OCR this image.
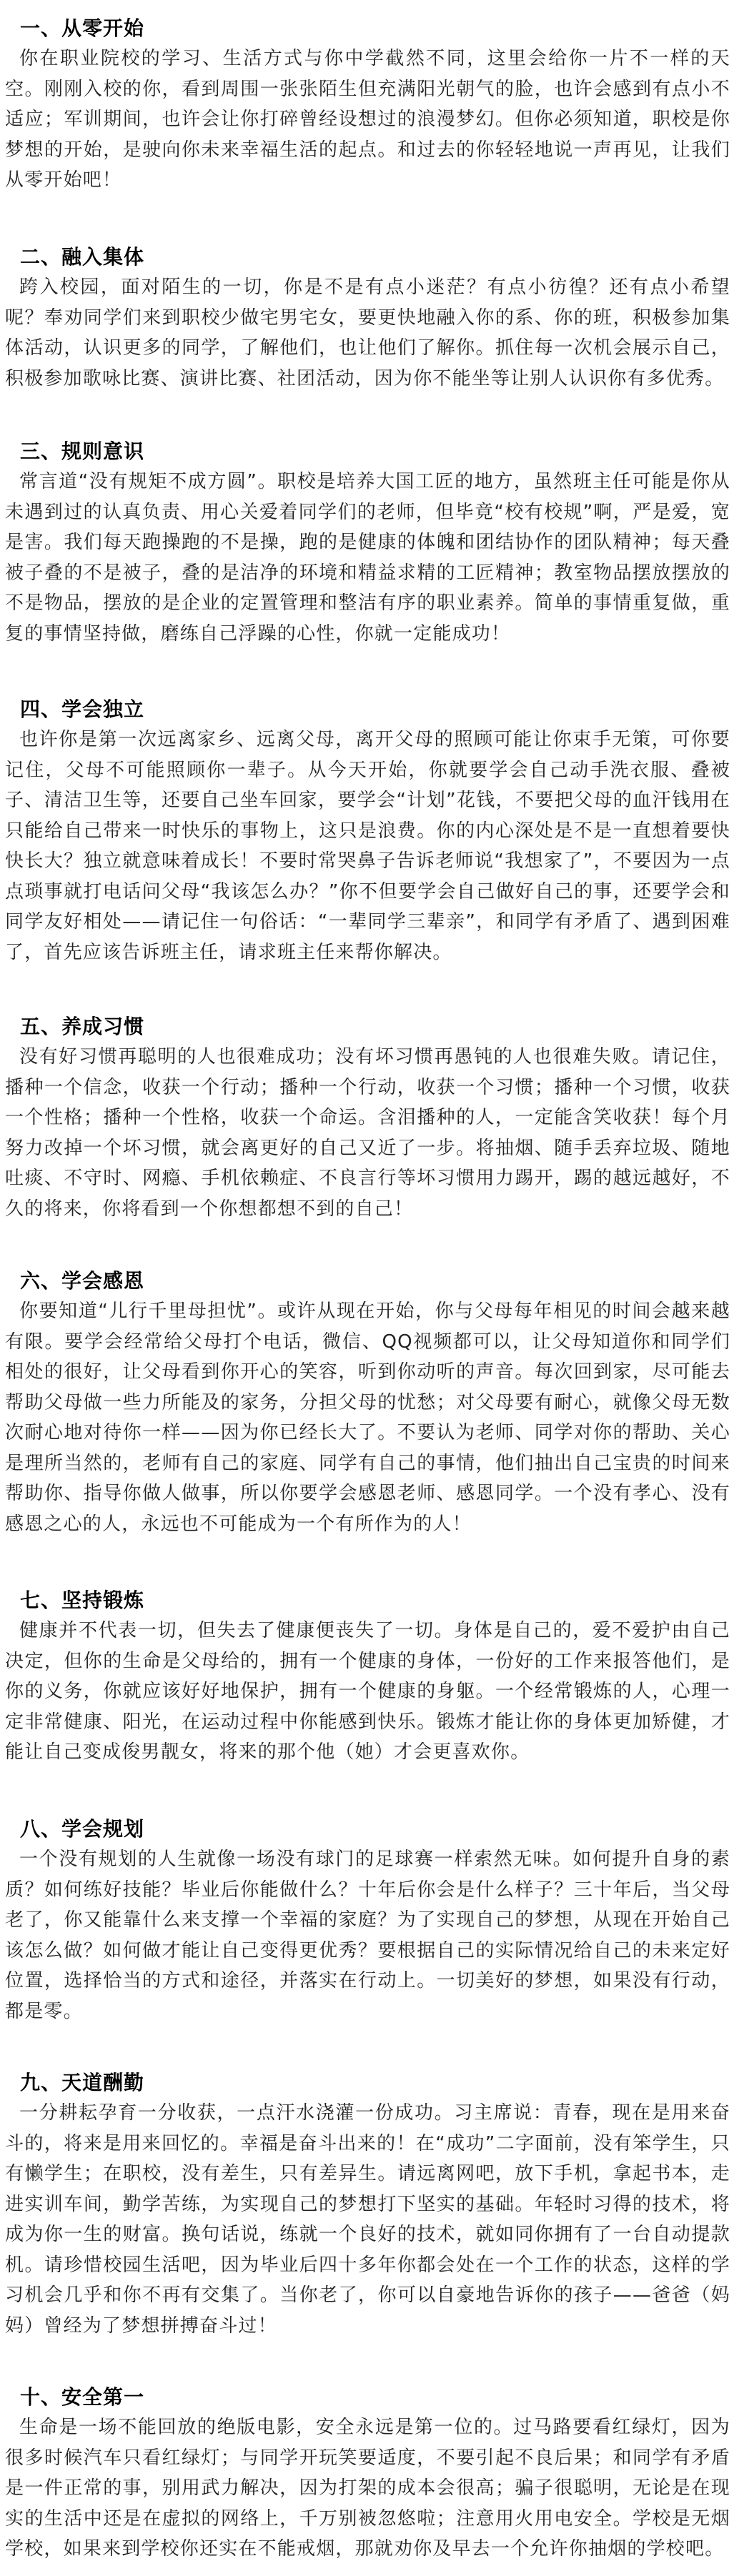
一、从零开始

你在职业院校的学习、生活方式与你中学截然不同，这里会给你一片不一样的天空。刚刚入校的你，看到周围一张张陌生但充满阳光朝气的脸，也许会感到有点小不适应；军训期间，也许会让你打碎曾经设想过的浪漫梦幻。但你必须知道，职校是你梦想的开始，是驶向你未来幸福生活的起点。和过去的你轻轻地说一声再见，让我们从零开始吧！

二、融入集体

跨入校园，面对陌生的一切，你是不是有点小迷茫？有点小彷徨？还有点小希望呢？奉劝同学们来到职校少做宅男宅女，要更快地融入你的系、你的班，积极参加集体活动，认识更多的同学，了解他们，也让他们了解你。抓住每一次机会展示自己，积极参加歌咏比赛、演讲比赛、社团活动，因为你不能坐等让别人认识你有多优秀。

三、规则意识

常言道“没有规矩不成方圆”。职校是培养大国工匠的地方，虽然班主任可能是你从未遇到过的认真负责、用心关爱着同学们的老师，但毕竟“校有校规”啊，严是爱，宽是害。我们每天跑操跑的不是操，跑的是健康的体魄和团结协作的团队精神；每天叠被子叠的不是被子，叠的是洁净的环境和精益求精的工匠精神；教室物品摆放摆放的不是物品，摆放的是企业的定置管理和整洁有序的职业素养。简单的事情重复做，重复的事情坚持做，磨练自己浮躁的心性，你就一定能成功！

四、学会独立

也许你是第一次远离家乡、远离父母，离开父母的照顾可能让你束手无策，可你要记住，父母不可能照顾你一辈子。从今天开始，你就要学会自己动手洗衣服、叠被子、清洁卫生等，还要自己坐车回家，要学会“计划”花钱，不要把父母的血汗钱用在只能给自己带来一时快乐的事物上，这只是浪费。你的内心深处是不是一直想着要快快长大？独立就意味着成长！不要时常哭鼻子告诉老师说“我想家了”，不要因为一点点琐事就打电话问父母“我该怎么办？”你不但要学会自己做好自己的事，还要学会和同学友好相处——请记住一句俗话：“一辈同学三辈亲”，和同学有矛盾了、遇到困难了，首先应该告诉班主任，请求班主任来帮你解决。

五、养成习惯

没有好习惯再聪明的人也很难成功；没有坏习惯再愚钝的人也很难失败。请记住，播种一个信念，收获一个行动；播种一个行动，收获一个习惯；播种一个习惯，收获一个性格；播种一个性格，收获一个命运。含泪播种的人，一定能含笑收获！每个月努力改掉一个坏习惯，就会离更好的自己又近了一步。将抽烟、随手丢弃垃圾、随地吐痰、不守时、网瘾、手机依赖症、不良言行等坏习惯用力踢开，踢的越远越好，不久的将来，你将看到一个你想都想不到的自己！

六、学会感恩

你要知道“儿行千里母担忧”。或许从现在开始，你与父母每年相见的时间会越来越有限。要学会经常给父母打个电话，微信、QQ视频都可以，让父母知道你和同学们相处的很好，让父母看到你开心的笑容，听到你动听的声音。每次回到家，尽可能去帮助父母做一些力所能及的家务，分担父母的忧愁；对父母要有耐心，就像父母无数次耐心地对待你一样——因为你已经长大了。不要认为老师、同学对你的帮助、关心是理所当然的，老师有自己的家庭、同学有自己的事情，他们抽出自己宝贵的时间来帮助你、指导你做人做事，所以你要学会感恩老师、感恩同学。一个没有孝心、没有感恩之心的人，永远也不可能成为一个有所作为的人！

七、坚持锻炼

健康并不代表一切，但失去了健康便丧失了一切。身体是自己的，爱不爱护由自己决定，但你的生命是父母给的，拥有一个健康的身体，一份好的工作来报答他们，是你的义务，你就应该好好地保护，拥有一个健康的身躯。一个经常锻炼的人，心理一定非常健康、阳光，在运动过程中你能感到快乐。锻炼才能让你的身体更加矫健，才能让自己变成俊男靓女，将来的那个他（她）才会更喜欢你。

八、学会规划

一个没有规划的人生就像一场没有球门的足球赛一样索然无味。如何提升自身的素质？如何练好技能？毕业后你能做什么？十年后你会是什么样子？三十年后，当父母老了，你又能靠什么来支撑一个幸福的家庭？为了实现自己的梦想，从现在开始自己该怎么做？如何做才能让自己变得更优秀？要根据自己的实际情况给自己的未来定好位置，选择恰当的方式和途径，并落实在行动上。一切美好的梦想，如果没有行动，都是零。

九、天道酬勤

一分耕耘孕育一分收获，一点汗水浇灌一份成功。习主席说：青春，现在是用来奋斗的，将来是用来回忆的。幸福是奋斗出来的！在“成功”二字面前，没有笨学生，只有懒学生；在职校，没有差生，只有差异生。请远离网吧，放下手机，拿起书本，走进实训车间，勤学苦练，为实现自己的梦想打下坚实的基础。年轻时习得的技术，将成为你一生的财富。换句话说，练就一个良好的技术，就如同你拥有了一台自动提款机。请珍惜校园生活吧，因为毕业后四十多年你都会处在一个工作的状态，这样的学习机会几乎和你不再有交集了。当你老了，你可以自豪地告诉你的孩子——爸爸（妈妈）曾经为了梦想拼搏奋斗过！

十、安全第一

生命是一场不能回放的绝版电影，安全永远是第一位的。过马路要看红绿灯，因为很多时候汽车只看红绿灯；与同学开玩笑要适度，不要引起不良后果；和同学有矛盾是一件正常的事，别用武力解决，因为打架的成本会很高；骗子很聪明，无论是在现实的生活中还是在虚拟的网络上，千万别被忽悠啦；注意用火用电安全。学校是无烟学校，如果来到学校你还实在不能戒烟，那就劝你及早去一个允许你抽烟的学校吧。
